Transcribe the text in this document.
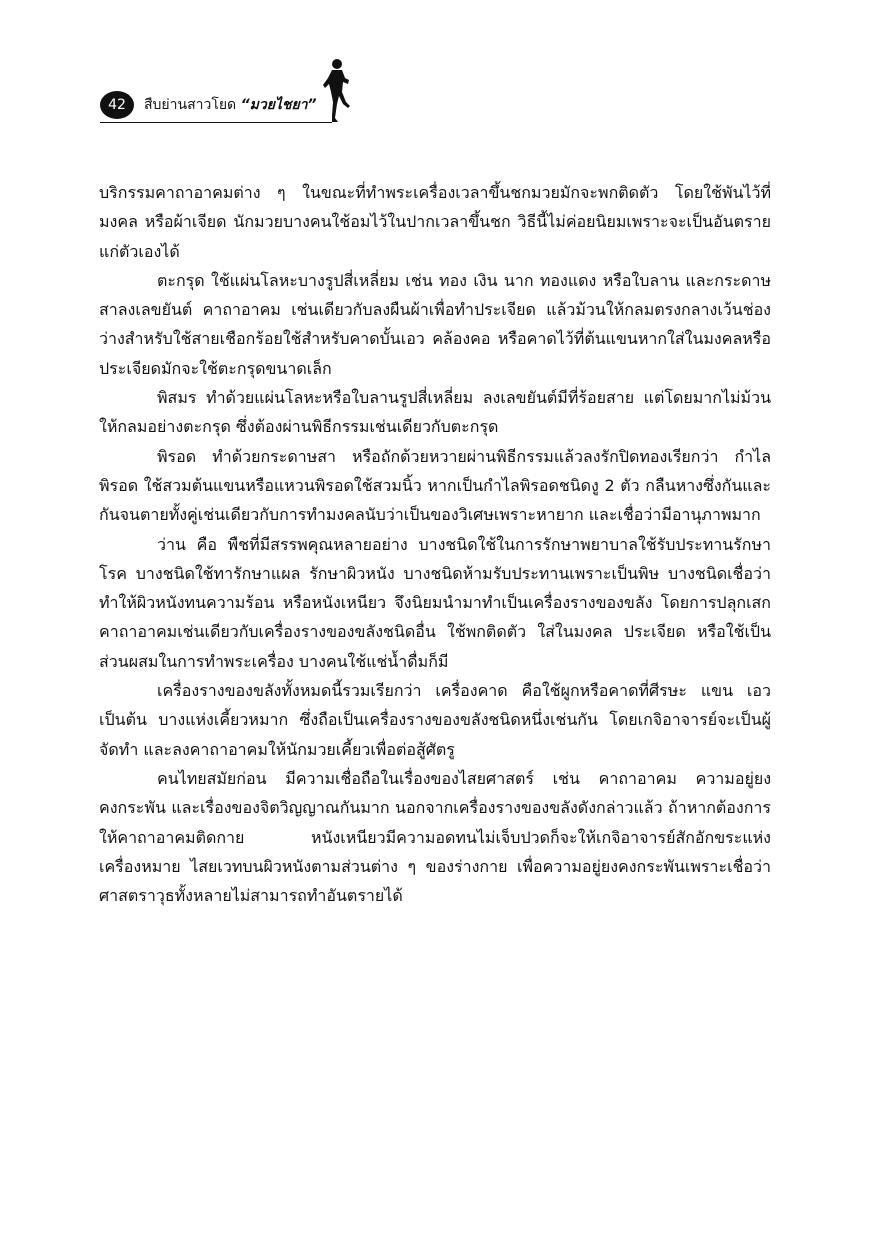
42	สืบย่านสาวโยด “มวยไชยา”

บริกรรมคาถาอาคมต่าง ๆ ในขณะที่ทำพระเครื่องเวลาขึ้นชกมวยมักจะพกติดตัว โดยใช้พันไว้ที่มงคล หรือผ้าเจียด นักมวยบางคนใช้อมไว้ในปากเวลาขึ้นชก วิธีนี้ไม่ค่อยนิยมเพราะจะเป็นอันตรายแก่ตัวเองได้

ตะกรุด ใช้แผ่นโลหะบางรูปสี่เหลี่ยม เช่น ทอง เงิน นาก ทองแดง หรือใบลาน และกระดาษสาลงเลขยันต์ คาถาอาคม เช่นเดียวกับลงผืนผ้าเพื่อทำประเจียด แล้วม้วนให้กลมตรงกลางเว้นช่องว่างสำหรับใช้สายเชือกร้อยใช้สำหรับคาดบั้นเอว คล้องคอ หรือคาดไว้ที่ต้นแขนหากใส่ในมงคลหรือประเจียดมักจะใช้ตะกรุดขนาดเล็ก

พิสมร ทำด้วยแผ่นโลหะหรือใบลานรูปสี่เหลี่ยม ลงเลขยันต์มีที่ร้อยสาย แต่โดยมากไม่ม้วนให้กลมอย่างตะกรุด ซึ่งต้องผ่านพิธีกรรมเช่นเดียวกับตะกรุด

พิรอด ทำด้วยกระดาษสา หรือถักด้วยหวายผ่านพิธีกรรมแล้วลงรักปิดทองเรียกว่า กำไลพิรอด ใช้สวมต้นแขนหรือแหวนพิรอดใช้สวมนิ้ว หากเป็นกำไลพิรอดชนิดงู 2 ตัว กลืนหางซึ่งกันและกันจนตายทั้งคู่เช่นเดียวกับการทำมงคลนับว่าเป็นของวิเศษเพราะหายาก และเชื่อว่ามีอานุภาพมาก

ว่าน คือ พืชที่มีสรรพคุณหลายอย่าง บางชนิดใช้ในการรักษาพยาบาลใช้รับประทานรักษาโรค บางชนิดใช้ทารักษาแผล รักษาผิวหนัง บางชนิดห้ามรับประทานเพราะเป็นพิษ บางชนิดเชื่อว่าทำให้ผิวหนังทนความร้อน หรือหนังเหนียว จึงนิยมนำมาทำเป็นเครื่องรางของขลัง โดยการปลุกเสกคาถาอาคมเช่นเดียวกับเครื่องรางของขลังชนิดอื่น ใช้พกติดตัว ใส่ในมงคล ประเจียด หรือใช้เป็นส่วนผสมในการทำพระเครื่อง บางคนใช้แช่น้ำดื่มก็มี

เครื่องรางของขลังทั้งหมดนี้รวมเรียกว่า เครื่องคาด คือใช้ผูกหรือคาดที่ศีรษะ แขน เอว เป็นต้น บางแห่งเคี้ยวหมาก ซึ่งถือเป็นเครื่องรางของขลังชนิดหนึ่งเช่นกัน โดยเกจิอาจารย์จะเป็นผู้จัดทำ และลงคาถาอาคมให้นักมวยเคี้ยวเพื่อต่อสู้ศัตรู

คนไทยสมัยก่อน มีความเชื่อถือในเรื่องของไสยศาสตร์ เช่น คาถาอาคม ความอยู่ยงคงกระพัน และเรื่องของจิตวิญญาณกันมาก นอกจากเครื่องรางของขลังดังกล่าวแล้ว ถ้าหากต้องการให้คาถาอาคมติดกาย หนังเหนียวมีความอดทนไม่เจ็บปวดก็จะให้เกจิอาจารย์สักอักขระแห่งเครื่องหมาย ไสยเวทบนผิวหนังตามส่วนต่าง ๆ ของร่างกาย เพื่อความอยู่ยงคงกระพันเพราะเชื่อว่าศาสตราวุธทั้งหลายไม่สามารถทำอันตรายได้
